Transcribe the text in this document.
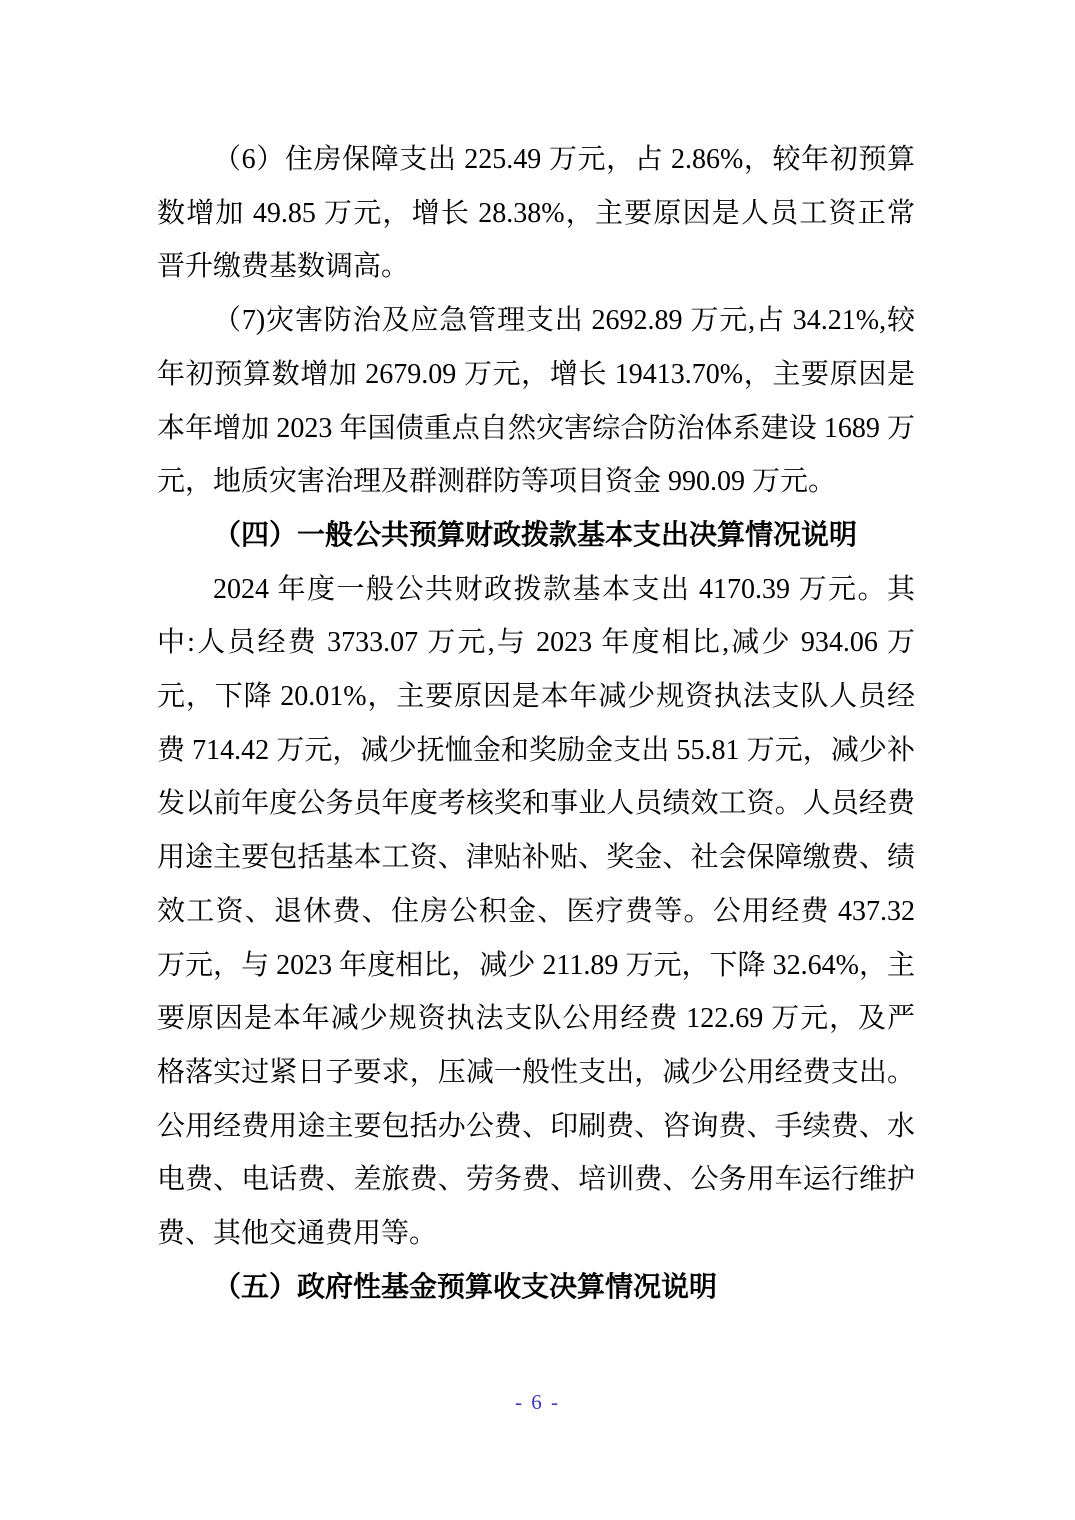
（6）住房保障支出 225.49 万元，占 2.86%，较年初预算数增加 49.85 万元，增长 28.38%，主要原因是人员工资正常晋升缴费基数调高。

（7)灾害防治及应急管理支出 2692.89 万元,占 34.21%,较年初预算数增加 2679.09 万元，增长 19413.70%，主要原因是本年增加 2023 年国债重点自然灾害综合防治体系建设 1689 万元，地质灾害治理及群测群防等项目资金 990.09 万元。

（四）一般公共预算财政拨款基本支出决算情况说明

2024 年度一般公共财政拨款基本支出 4170.39 万元。其中:人员经费 3733.07 万元,与 2023 年度相比,减少 934.06 万元，下降 20.01%，主要原因是本年减少规资执法支队人员经费 714.42 万元，减少抚恤金和奖励金支出 55.81 万元，减少补发以前年度公务员年度考核奖和事业人员绩效工资。人员经费用途主要包括基本工资、津贴补贴、奖金、社会保障缴费、绩效工资、退休费、住房公积金、医疗费等。公用经费 437.32 万元，与 2023 年度相比，减少 211.89 万元，下降 32.64%，主要原因是本年减少规资执法支队公用经费 122.69 万元，及严格落实过紧日子要求，压减一般性支出，减少公用经费支出。公用经费用途主要包括办公费、印刷费、咨询费、手续费、水电费、电话费、差旅费、劳务费、培训费、公务用车运行维护费、其他交通费用等。

（五）政府性基金预算收支决算情况说明

- 6 -
